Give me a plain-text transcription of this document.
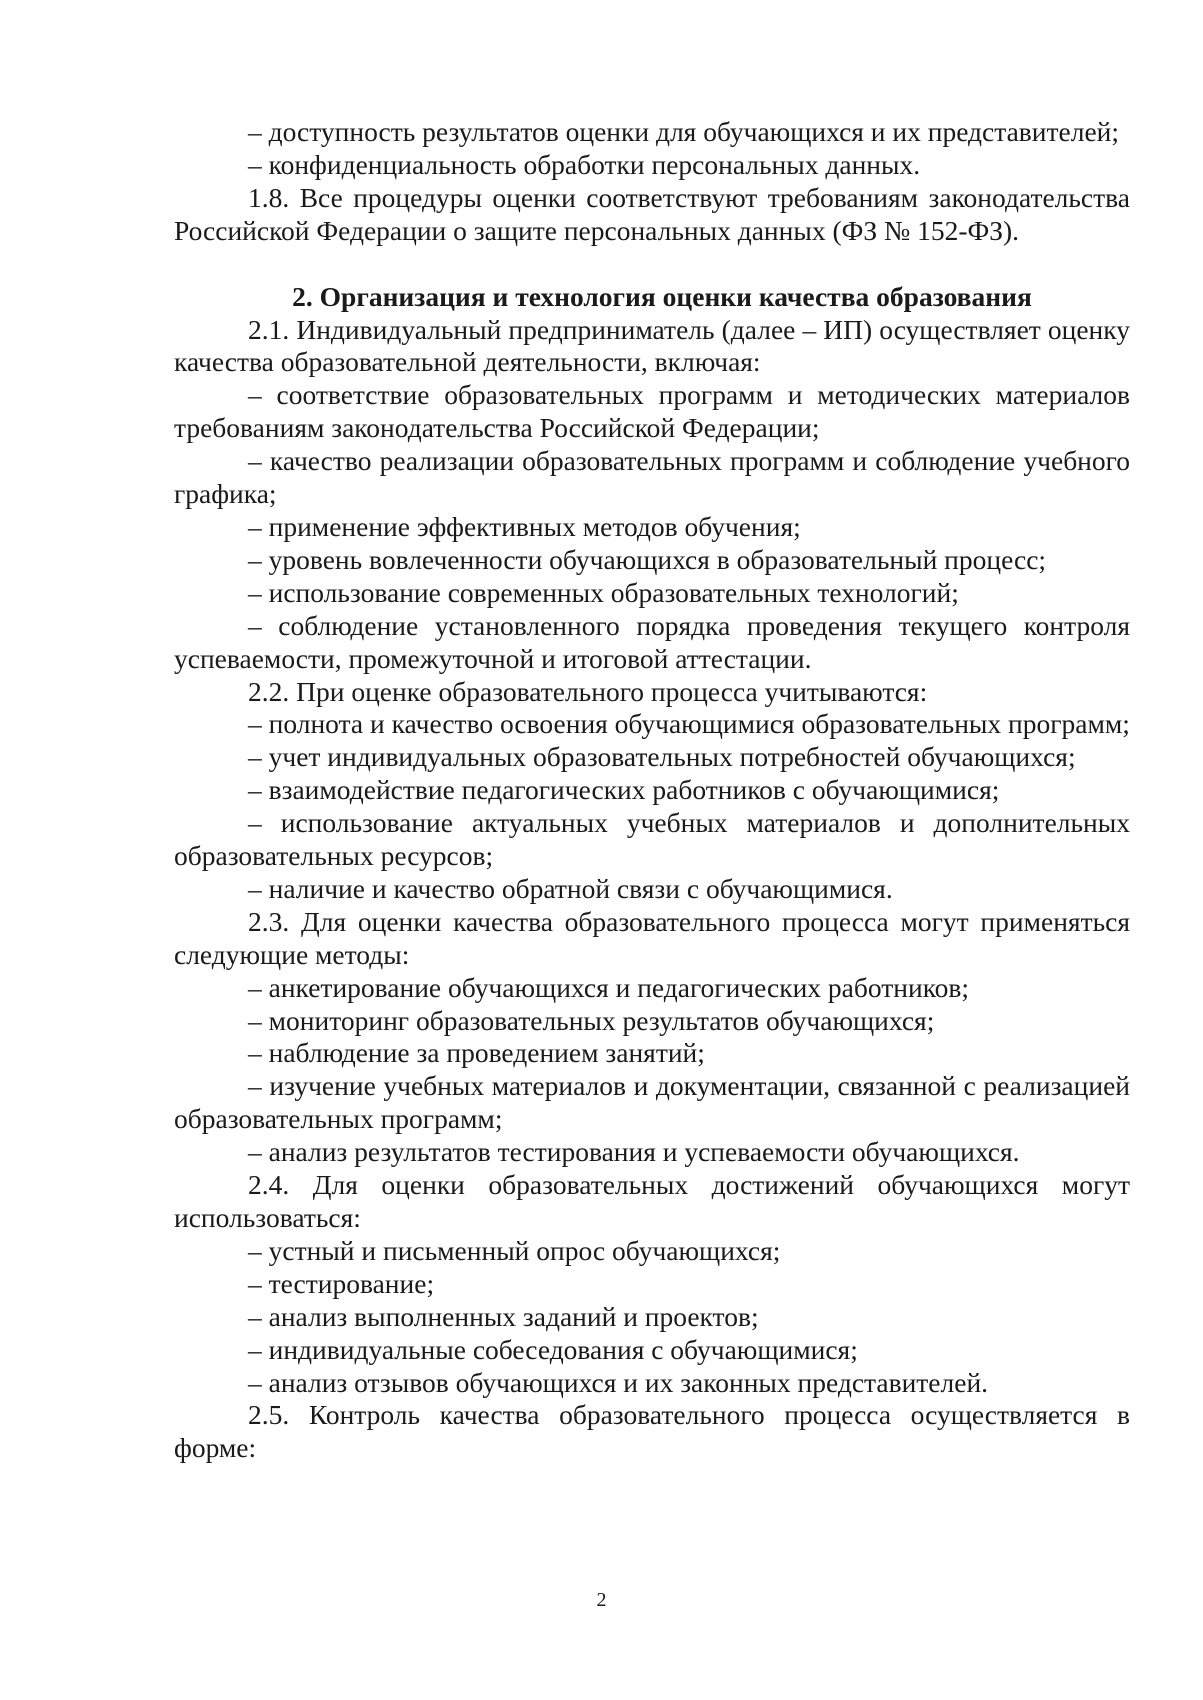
– доступность результатов оценки для обучающихся и их представителей;

– конфиденциальность обработки персональных данных.

1.8. Все процедуры оценки соответствуют требованиям законодательства Российской Федерации о защите персональных данных (ФЗ № 152-ФЗ).

2. Организация и технология оценки качества образования

2.1. Индивидуальный предприниматель (далее – ИП) осуществляет оценку качества образовательной деятельности, включая:

– соответствие образовательных программ и методических материалов требованиям законодательства Российской Федерации;

– качество реализации образовательных программ и соблюдение учебного графика;

– применение эффективных методов обучения;

– уровень вовлеченности обучающихся в образовательный процесс;

– использование современных образовательных технологий;

– соблюдение установленного порядка проведения текущего контроля успеваемости, промежуточной и итоговой аттестации.

2.2. При оценке образовательного процесса учитываются:

– полнота и качество освоения обучающимися образовательных программ;

– учет индивидуальных образовательных потребностей обучающихся;

– взаимодействие педагогических работников с обучающимися;

– использование актуальных учебных материалов и дополнительных образовательных ресурсов;

– наличие и качество обратной связи с обучающимися.

2.3. Для оценки качества образовательного процесса могут применяться следующие методы:

– анкетирование обучающихся и педагогических работников;

– мониторинг образовательных результатов обучающихся;

– наблюдение за проведением занятий;

– изучение учебных материалов и документации, связанной с реализацией образовательных программ;

– анализ результатов тестирования и успеваемости обучающихся.

2.4. Для оценки образовательных достижений обучающихся могут использоваться:

– устный и письменный опрос обучающихся;

– тестирование;

– анализ выполненных заданий и проектов;

– индивидуальные собеседования с обучающимися;

– анализ отзывов обучающихся и их законных представителей.

2.5. Контроль качества образовательного процесса осуществляется в форме:

2
